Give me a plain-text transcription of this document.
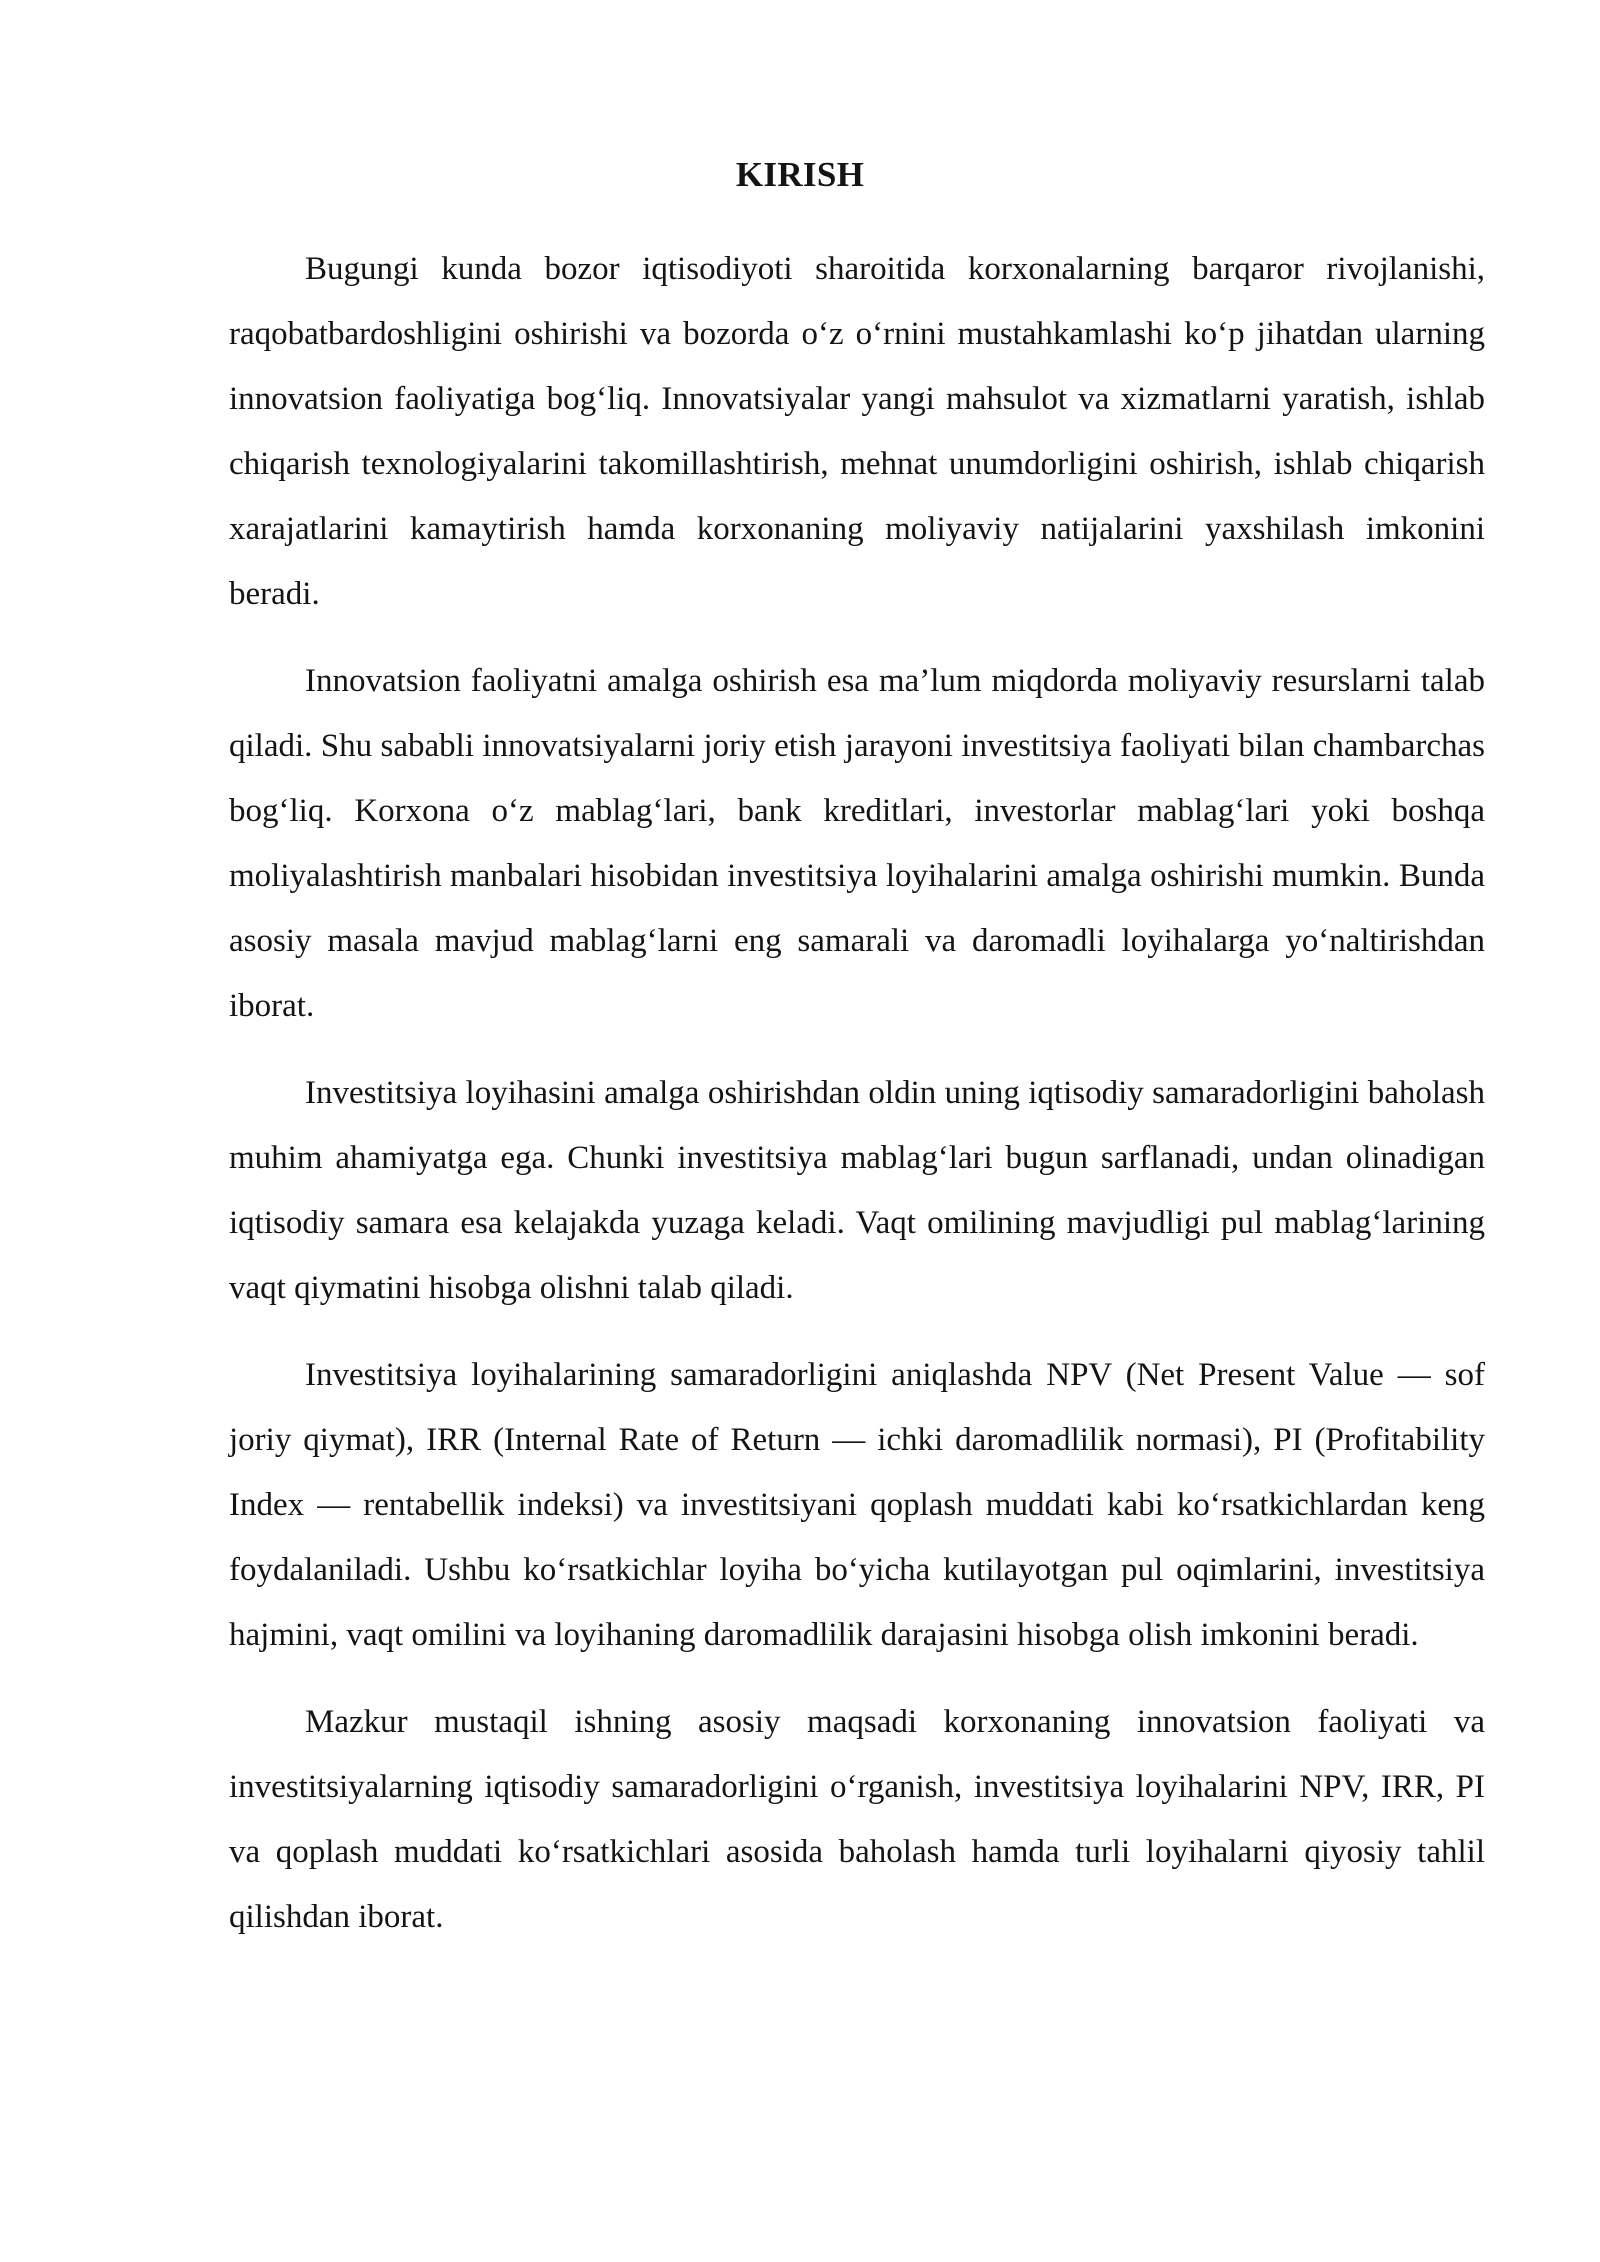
KIRISH

Bugungi kunda bozor iqtisodiyoti sharoitida korxonalarning barqaror rivojlanishi, raqobatbardoshligini oshirishi va bozorda o‘z o‘rnini mustahkamlashi ko‘p jihatdan ularning innovatsion faoliyatiga bog‘liq. Innovatsiyalar yangi mahsulot va xizmatlarni yaratish, ishlab chiqarish texnologiyalarini takomillashtirish, mehnat unumdorligini oshirish, ishlab chiqarish xarajatlarini kamaytirish hamda korxonaning moliyaviy natijalarini yaxshilash imkonini beradi.

Innovatsion faoliyatni amalga oshirish esa ma’lum miqdorda moliyaviy resurslarni talab qiladi. Shu sababli innovatsiyalarni joriy etish jarayoni investitsiya faoliyati bilan chambarchas bog‘liq. Korxona o‘z mablag‘lari, bank kreditlari, investorlar mablag‘lari yoki boshqa moliyalashtirish manbalari hisobidan investitsiya loyihalarini amalga oshirishi mumkin. Bunda asosiy masala mavjud mablag‘larni eng samarali va daromadli loyihalarga yo‘naltirishdan iborat.

Investitsiya loyihasini amalga oshirishdan oldin uning iqtisodiy samaradorligini baholash muhim ahamiyatga ega. Chunki investitsiya mablag‘lari bugun sarflanadi, undan olinadigan iqtisodiy samara esa kelajakda yuzaga keladi. Vaqt omilining mavjudligi pul mablag‘larining vaqt qiymatini hisobga olishni talab qiladi.

Investitsiya loyihalarining samaradorligini aniqlashda NPV (Net Present Value — sof joriy qiymat), IRR (Internal Rate of Return — ichki daromadlilik normasi), PI (Profitability Index — rentabellik indeksi) va investitsiyani qoplash muddati kabi ko‘rsatkichlardan keng foydalaniladi. Ushbu ko‘rsatkichlar loyiha bo‘yicha kutilayotgan pul oqimlarini, investitsiya hajmini, vaqt omilini va loyihaning daromadlilik darajasini hisobga olish imkonini beradi.

Mazkur mustaqil ishning asosiy maqsadi korxonaning innovatsion faoliyati va investitsiyalarning iqtisodiy samaradorligini o‘rganish, investitsiya loyihalarini NPV, IRR, PI va qoplash muddati ko‘rsatkichlari asosida baholash hamda turli loyihalarni qiyosiy tahlil qilishdan iborat.
